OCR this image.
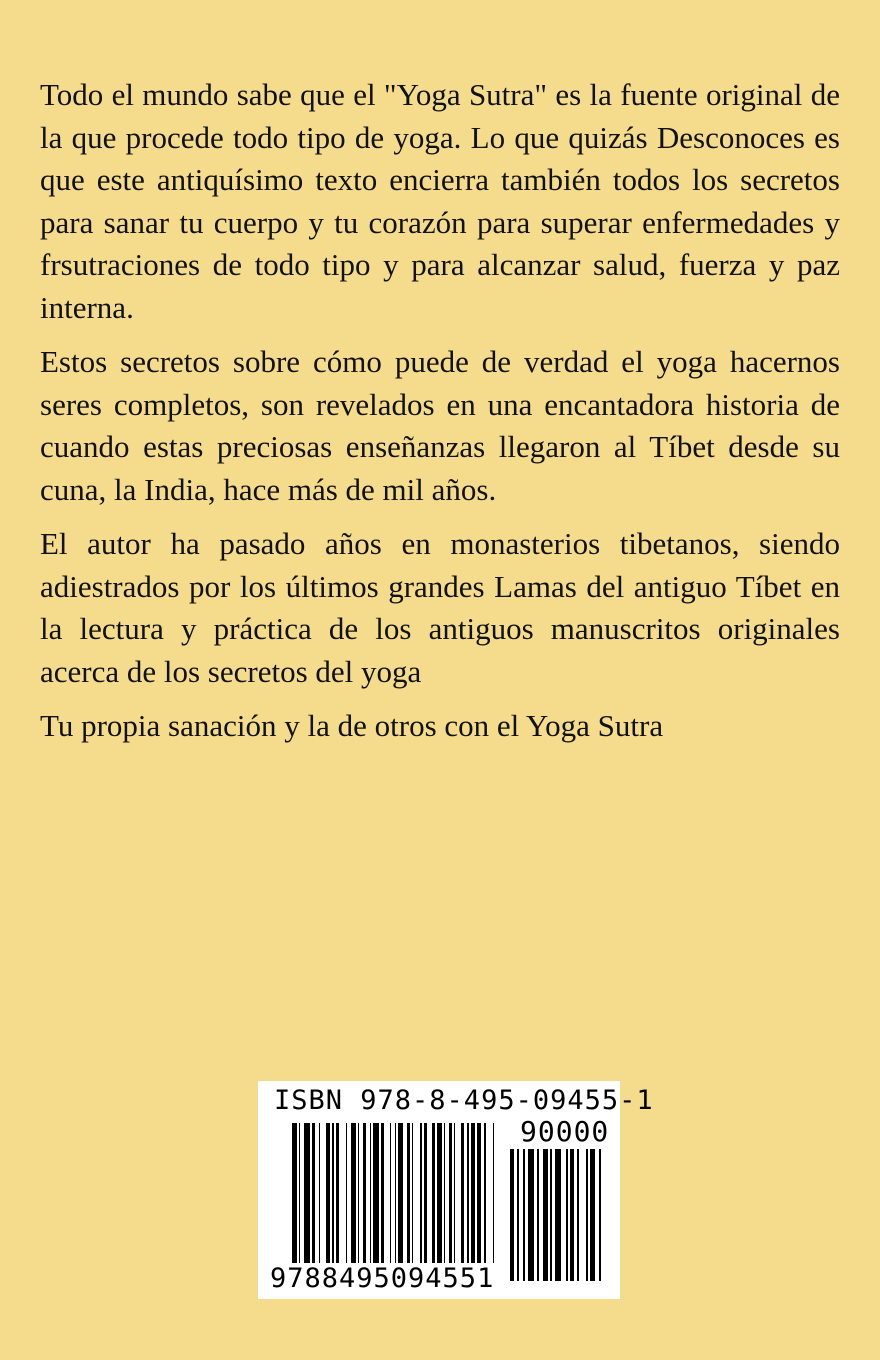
Todo el mundo sabe que el "Yoga Sutra" es la fuente original de la que procede todo tipo de yoga. Lo que quizás Desconoces es que este antiquísimo texto encierra también todos los secretos para sanar tu cuerpo y tu corazón para superar enfermedades y frsutraciones de todo tipo y para alcanzar salud, fuerza y paz interna.

Estos secretos sobre cómo puede de verdad el yoga hacernos seres completos, son revelados en una encantadora historia de cuando estas preciosas enseñanzas llegaron al Tíbet desde su cuna, la India, hace más de mil años.

El autor ha pasado años en monasterios tibetanos, siendo adiestrados por los últimos grandes Lamas del antiguo Tíbet en la lectura y práctica de los antiguos manuscritos originales acerca de los secretos del yoga

Tu propia sanación y la de otros con el Yoga Sutra

ISBN 978-8-495-09455-1
90000
9788495094551
